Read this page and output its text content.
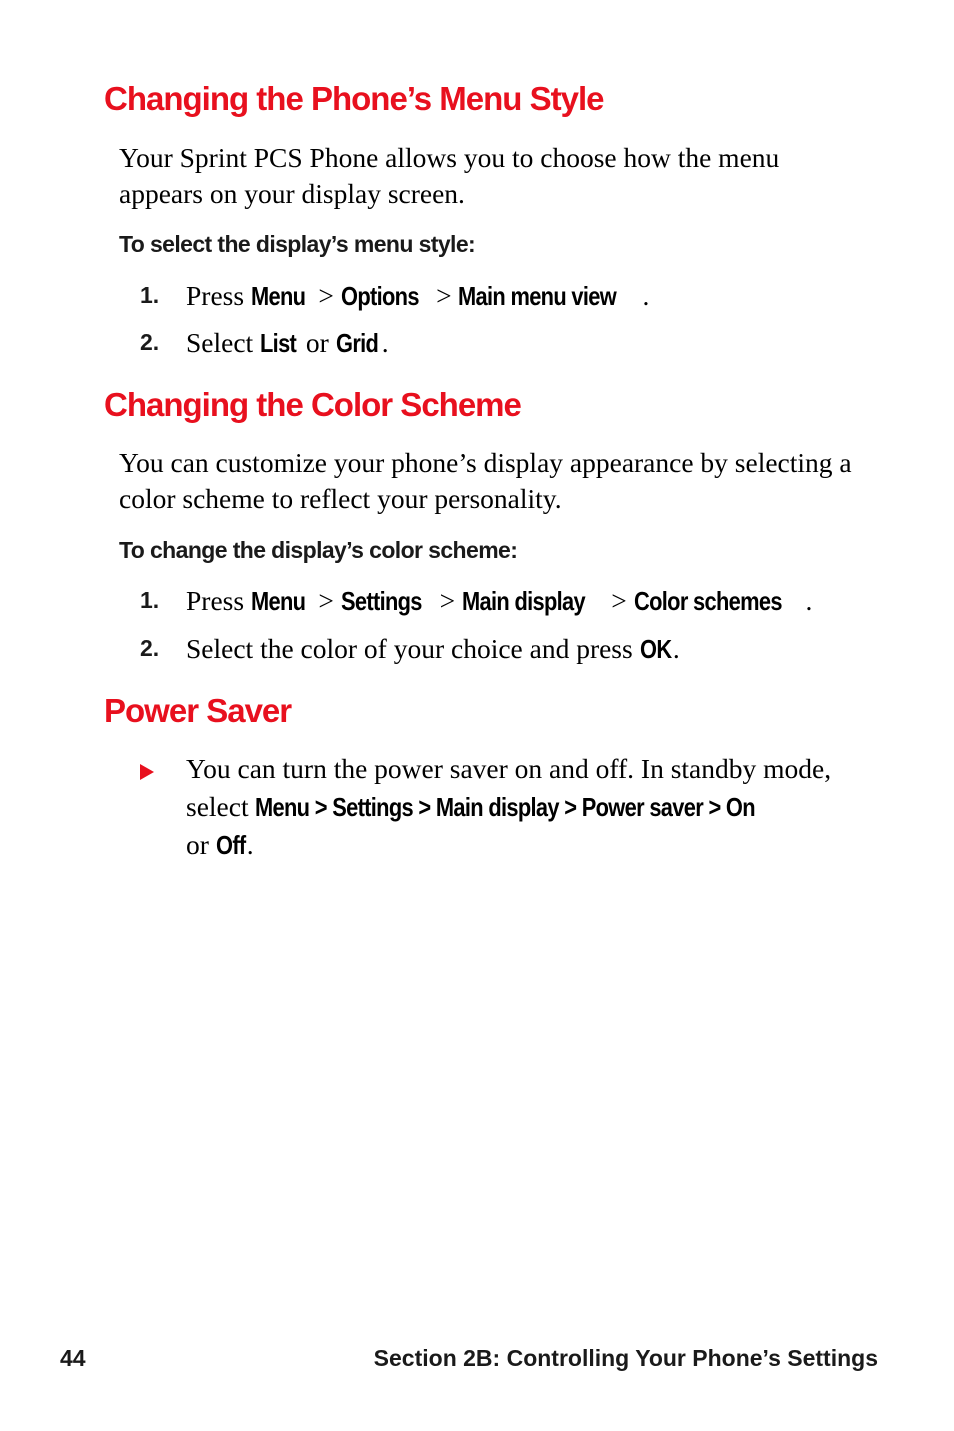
Changing the Phone’s Menu Style

Your Sprint PCS Phone allows you to choose how the menu appears on your display screen.

To select the display’s menu style:
1. Press Menu > Options > Main menu view .
2. Select List or Grid .
Changing the Color Scheme

You can customize your phone’s display appearance by selecting a color scheme to reflect your personality.

To change the display’s color scheme:
1. Press Menu > Settings > Main display > Color schemes .
2. Select the color of your choice and press OK.
Power Saver
You can turn the power saver on and off. In standby mode, select Menu > Settings > Main display > Power saver > On or Off.
44	Section 2B: Controlling Your Phone’s Settings
